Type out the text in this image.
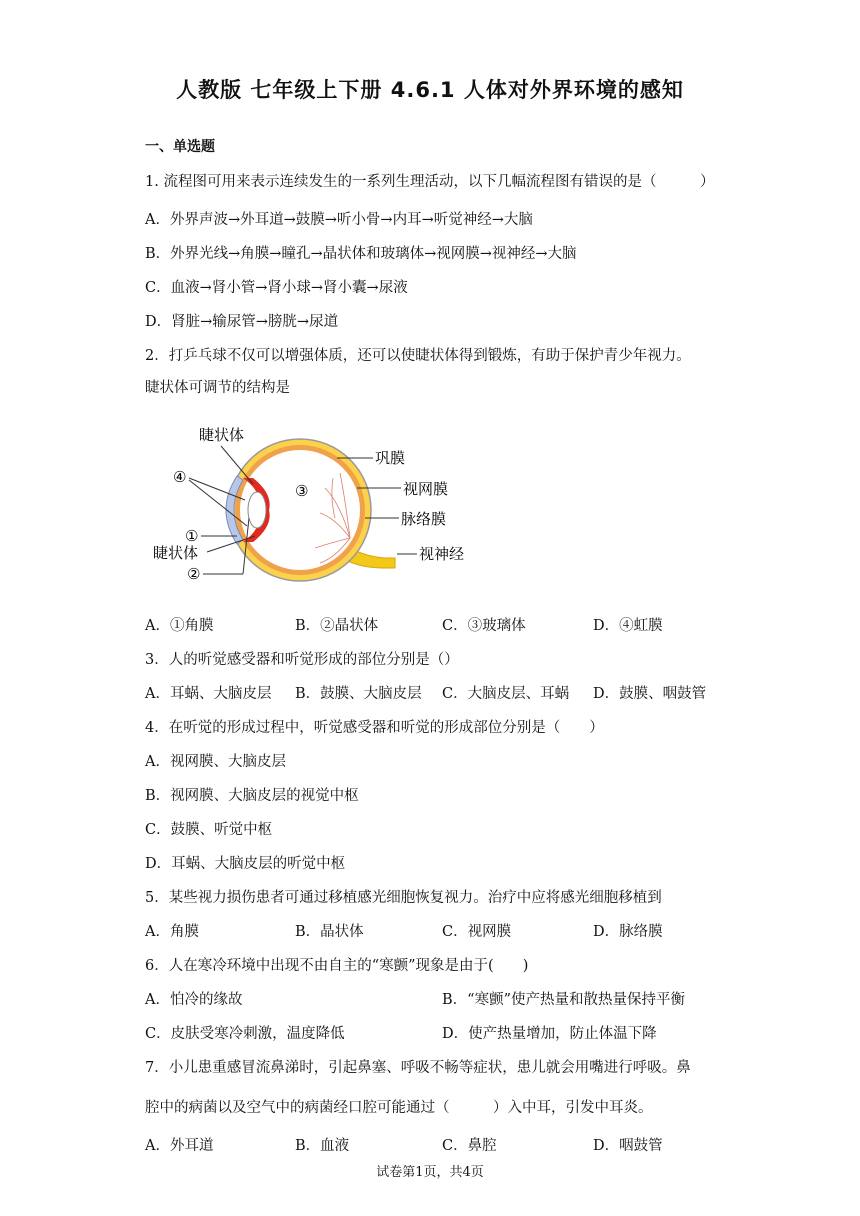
人教版 七年级上下册 4.6.1 人体对外界环境的感知
一、单选题
1. 流程图可用来表示连续发生的一系列生理活动，以下几幅流程图有错误的是（　　　）
A．外界声波→外耳道→鼓膜→听小骨→内耳→听觉神经→大脑
B．外界光线→角膜→瞳孔→晶状体和玻璃体→视网膜→视神经→大脑
C．血液→肾小管→肾小球→肾小囊→尿液
D．肾脏→输尿管→膀胱→尿道
2．打乒乓球不仅可以增强体质，还可以使睫状体得到锻炼，有助于保护青少年视力。
睫状体可调节的结构是
睫状体
④
③
①
睫状体
②
巩膜
视网膜
脉络膜
视神经
A．①角膜	B．②晶状体	C．③玻璃体	D．④虹膜
3．人的听觉感受器和听觉形成的部位分别是（）
A．耳蜗、大脑皮层 B．鼓膜、大脑皮层 C．大脑皮层、耳蜗 D．鼓膜、咽鼓管
4．在听觉的形成过程中，听觉感受器和听觉的形成部位分别是（　　）
A．视网膜、大脑皮层
B．视网膜、大脑皮层的视觉中枢
C．鼓膜、听觉中枢
D．耳蜗、大脑皮层的听觉中枢
5．某些视力损伤患者可通过移植感光细胞恢复视力。治疗中应将感光细胞移植到
A．角膜	B．晶状体	C．视网膜	D．脉络膜
6．人在寒冷环境中出现不由自主的“寒颤”现象是由于(　　)
A．怕冷的缘故	B．“寒颤”使产热量和散热量保持平衡
C．皮肤受寒冷刺激，温度降低	D．使产热量增加，防止体温下降
7．小儿患重感冒流鼻涕时，引起鼻塞、呼吸不畅等症状，患儿就会用嘴进行呼吸。鼻
腔中的病菌以及空气中的病菌经口腔可能通过（　　　）入中耳，引发中耳炎。
A．外耳道	B．血液	C．鼻腔	D．咽鼓管
试卷第1页，共4页
